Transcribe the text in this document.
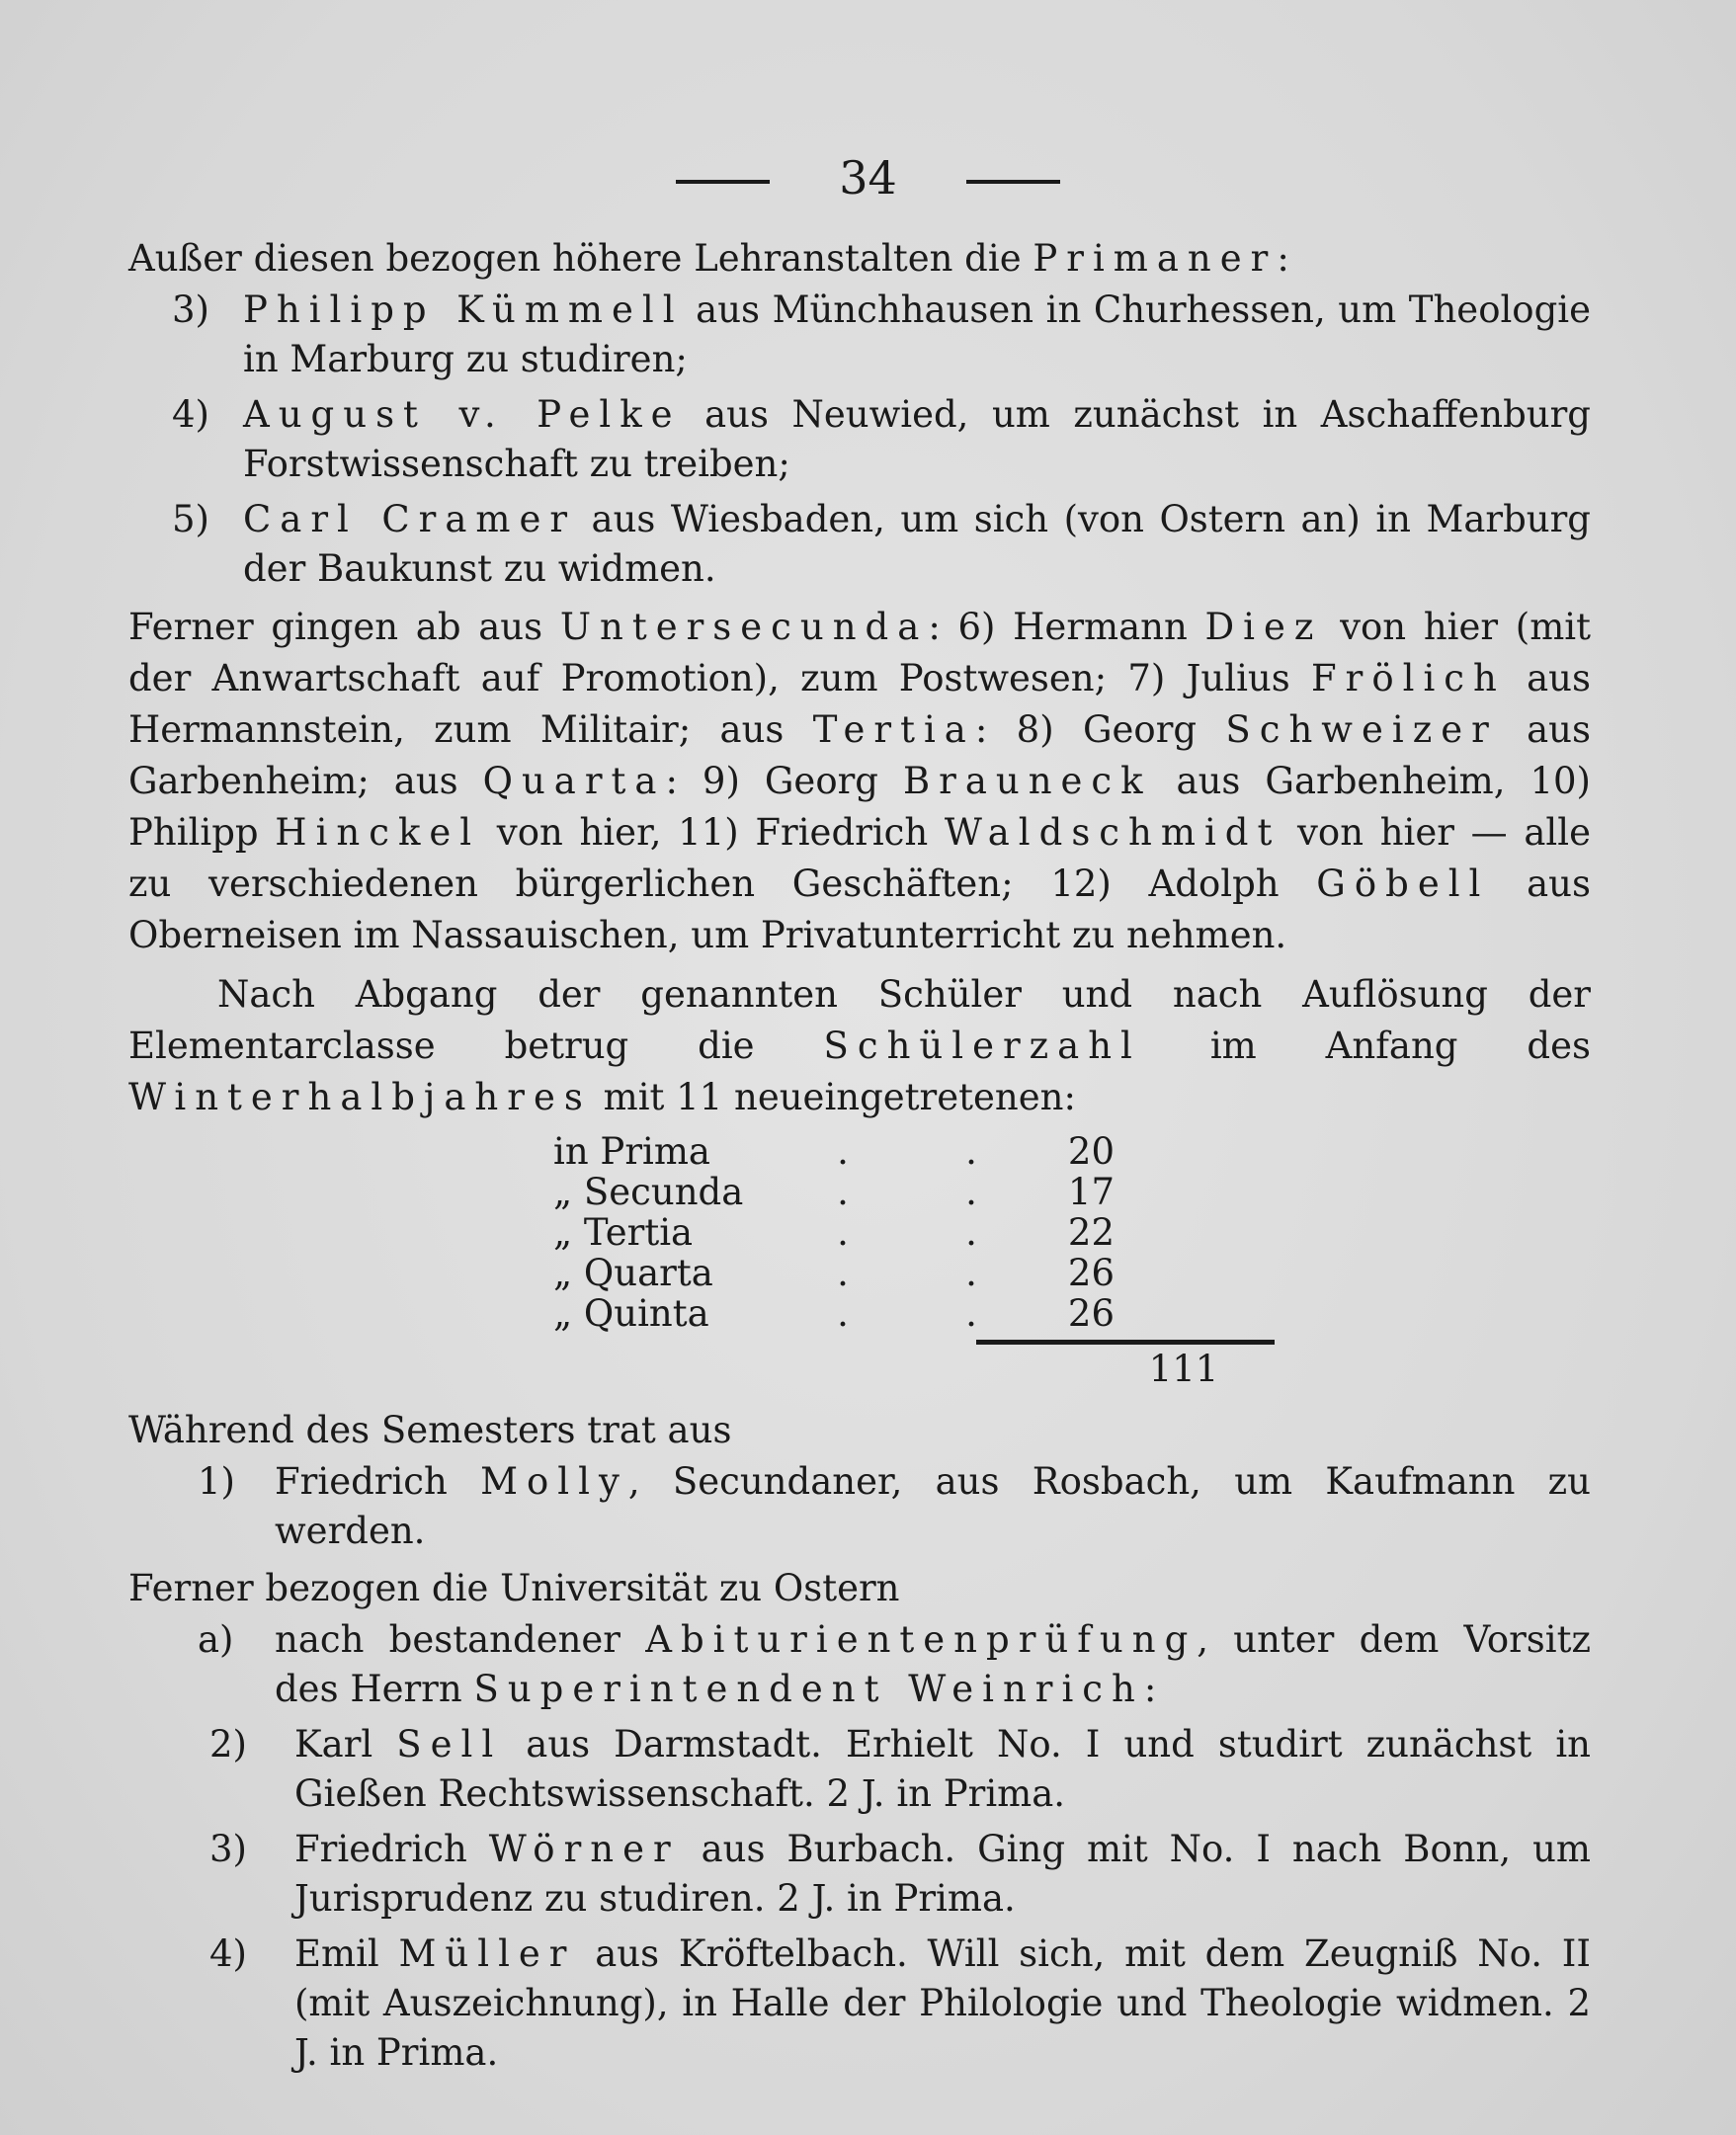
34
Außer diesen bezogen höhere Lehranstalten die Primaner:
3) Philipp Kümmell aus Münchhausen in Churhessen, um Theologie in Marburg zu studiren;
4) August v. Pelke aus Neuwied, um zunächst in Aschaffenburg Forstwissenschaft zu treiben;
5) Carl Cramer aus Wiesbaden, um sich (von Ostern an) in Marburg der Baukunst zu widmen.
Ferner gingen ab aus Untersecunda: 6) Hermann Diez von hier (mit der Anwartschaft auf Promotion), zum Postwesen; 7) Julius Frölich aus Hermannstein, zum Militair; aus Tertia: 8) Georg Schweizer aus Garbenheim; aus Quarta: 9) Georg Brauneck aus Garbenheim, 10) Philipp Hinckel von hier, 11) Friedrich Waldschmidt von hier — alle zu verschiedenen bürgerlichen Geschäften; 12) Adolph Göbell aus Oberneisen im Nassauischen, um Privatunterricht zu nehmen.
Nach Abgang der genannten Schüler und nach Auflösung der Elementarclasse betrug die Schülerzahl im Anfang des Winterhalbjahres mit 11 neueingetretenen:
in Prima	.	.	20
„ Secunda	.	.	17
„ Tertia	.	.	22
„ Quarta	.	.	26
„ Quinta	.	.	26
111
Während des Semesters trat aus
1)	Friedrich Molly, Secundaner, aus Rosbach, um Kaufmann zu werden.
Ferner bezogen die Universität zu Ostern
a)	nach bestandener Abiturientenprüfung, unter dem Vorsitz des Herrn Superintendent Weinrich:
2)	Karl Sell aus Darmstadt. Erhielt No. I und studirt zunächst in Gießen Rechtswissenschaft. 2 J. in Prima.
3)	Friedrich Wörner aus Burbach. Ging mit No. I nach Bonn, um Jurisprudenz zu studiren. 2 J. in Prima.
4)	Emil Müller aus Kröftelbach. Will sich, mit dem Zeugniß No. II (mit Auszeichnung), in Halle der Philologie und Theologie widmen. 2 J. in Prima.
